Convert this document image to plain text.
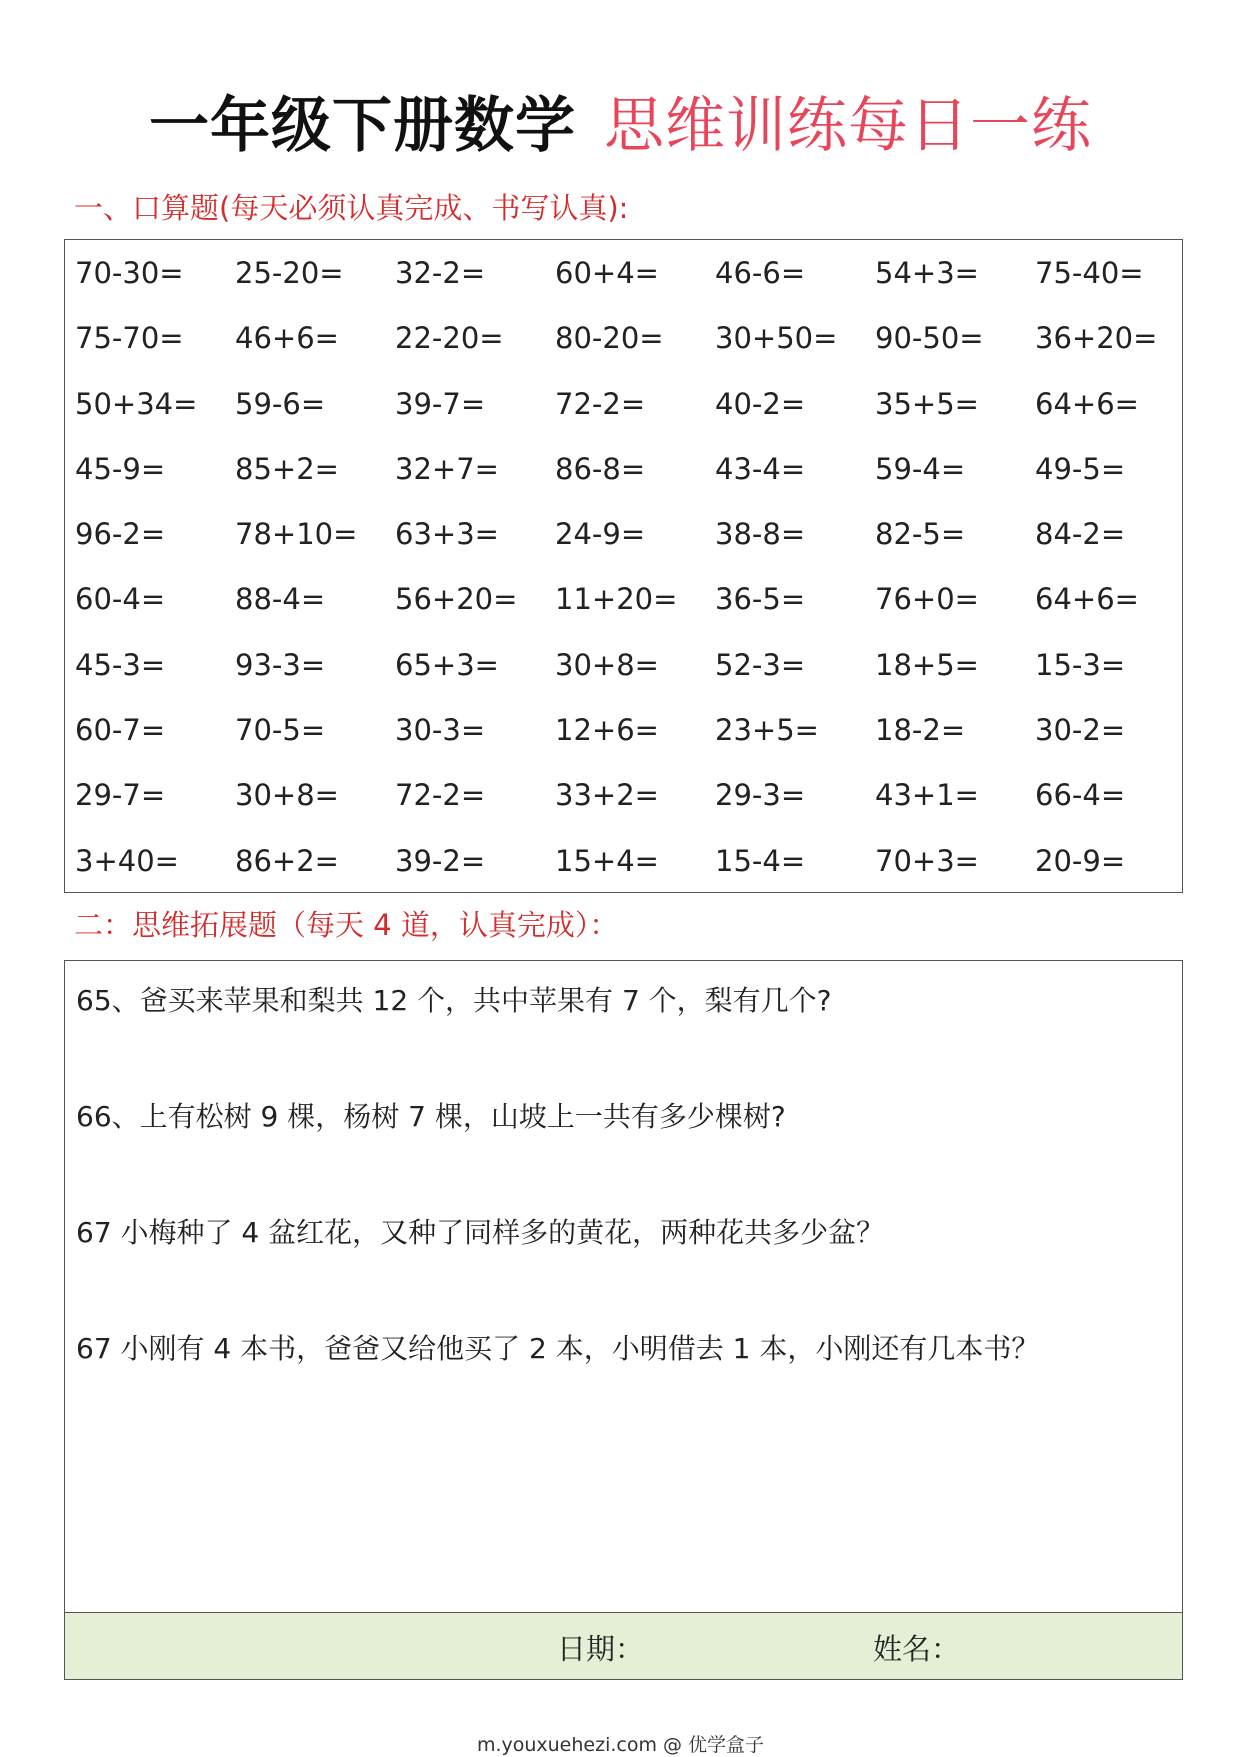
一年级下册数学 思维训练每日一练
一、口算题(每天必须认真完成、书写认真):
70-30=	25-20=	32-2=	60+4=	46-6=	54+3=	75-40=
75-70=	46+6=	22-20=	80-20=	30+50=	90-50=	36+20=
50+34=	59-6=	39-7=	72-2=	40-2=	35+5=	64+6=
45-9=	85+2=	32+7=	86-8=	43-4=	59-4=	49-5=
96-2=	78+10=	63+3=	24-9=	38-8=	82-5=	84-2=
60-4=	88-4=	56+20=	11+20=	36-5=	76+0=	64+6=
45-3=	93-3=	65+3=	30+8=	52-3=	18+5=	15-3=
60-7=	70-5=	30-3=	12+6=	23+5=	18-2=	30-2=
29-7=	30+8=	72-2=	33+2=	29-3=	43+1=	66-4=
3+40=	86+2=	39-2=	15+4=	15-4=	70+3=	20-9=
二：思维拓展题（每天 4 道，认真完成）：
65、爸买来苹果和梨共 12 个，共中苹果有 7 个，梨有几个?
66、上有松树 9 棵，杨树 7 棵，山坡上一共有多少棵树?
67 小梅种了 4 盆红花，又种了同样多的黄花，两种花共多少盆？
67 小刚有 4 本书，爸爸又给他买了 2 本，小明借去 1 本，小刚还有几本书？
日期：	姓名：
m.youxuehezi.com @ 优学盒子
